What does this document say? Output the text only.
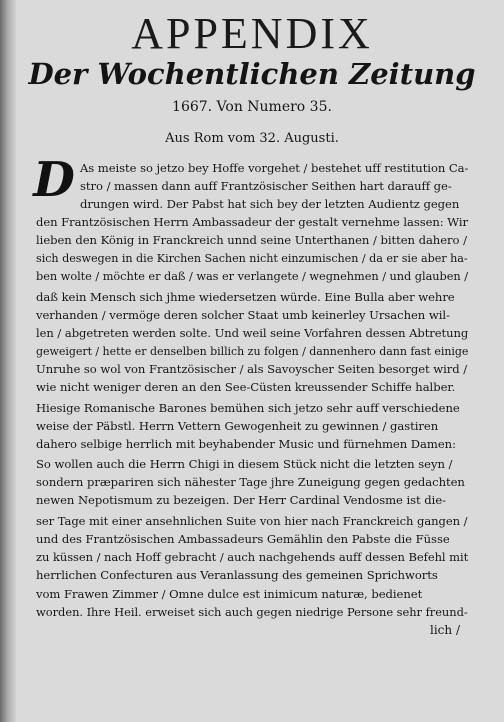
APPENDIX
Der Wochentlichen Zeitung
1667. Von Numero 35.
Aus Rom vom 32. Augusti.
D As meiste so jetzo bey Hoffe vorgehet / bestehet uff restitution Ca-
stro / massen dann auff Frantzösischer Seithen hart darauff ge-
drungen wird. Der Pabst hat sich bey der letzten Audientz gegen
den Frantzösischen Herrn Ambassadeur der gestalt vernehme lassen: Wir
lieben den König in Franckreich unnd seine Unterthanen / bitten dahero /
sich deswegen in die Kirchen Sachen nicht einzumischen / da er sie aber ha-
ben wolte / möchte er daß / was er verlangete / wegnehmen / und glauben /
daß kein Mensch sich jhme wiedersetzen würde. Eine Bulla aber wehre
verhanden / vermöge deren solcher Staat umb keinerley Ursachen wil-
len / abgetreten werden solte. Und weil seine Vorfahren dessen Abtretung
geweigert / hette er denselben billich zu folgen / dannenhero dann fast einige
Unruhe so wol von Frantzösischer / als Savoyscher Seiten besorget wird /
wie nicht weniger deren an den See-Cüsten kreussender Schiffe halber.
Hiesige Romanische Barones bemühen sich jetzo sehr auff verschiedene
weise der Päbstl. Herrn Vettern Gewogenheit zu gewinnen / gastiren
dahero selbige herrlich mit beyhabender Music und fürnehmen Damen:
So wollen auch die Herrn Chigi in diesem Stück nicht die letzten seyn /
sondern præpariren sich nähester Tage jhre Zuneigung gegen gedachten
newen Nepotismum zu bezeigen. Der Herr Cardinal Vendosme ist die-
ser Tage mit einer ansehnlichen Suite von hier nach Franckreich gangen /
und des Frantzösischen Ambassadeurs Gemählin den Pabste die Füsse
zu küssen / nach Hoff gebracht / auch nachgehends auff dessen Befehl mit
herrlichen Confecturen aus Veranlassung des gemeinen Sprichworts
vom Frawen Zimmer / Omne dulce est inimicum naturæ, bedienet
worden. Ihre Heil. erweiset sich auch gegen niedrige Persone sehr freund-
lich /
